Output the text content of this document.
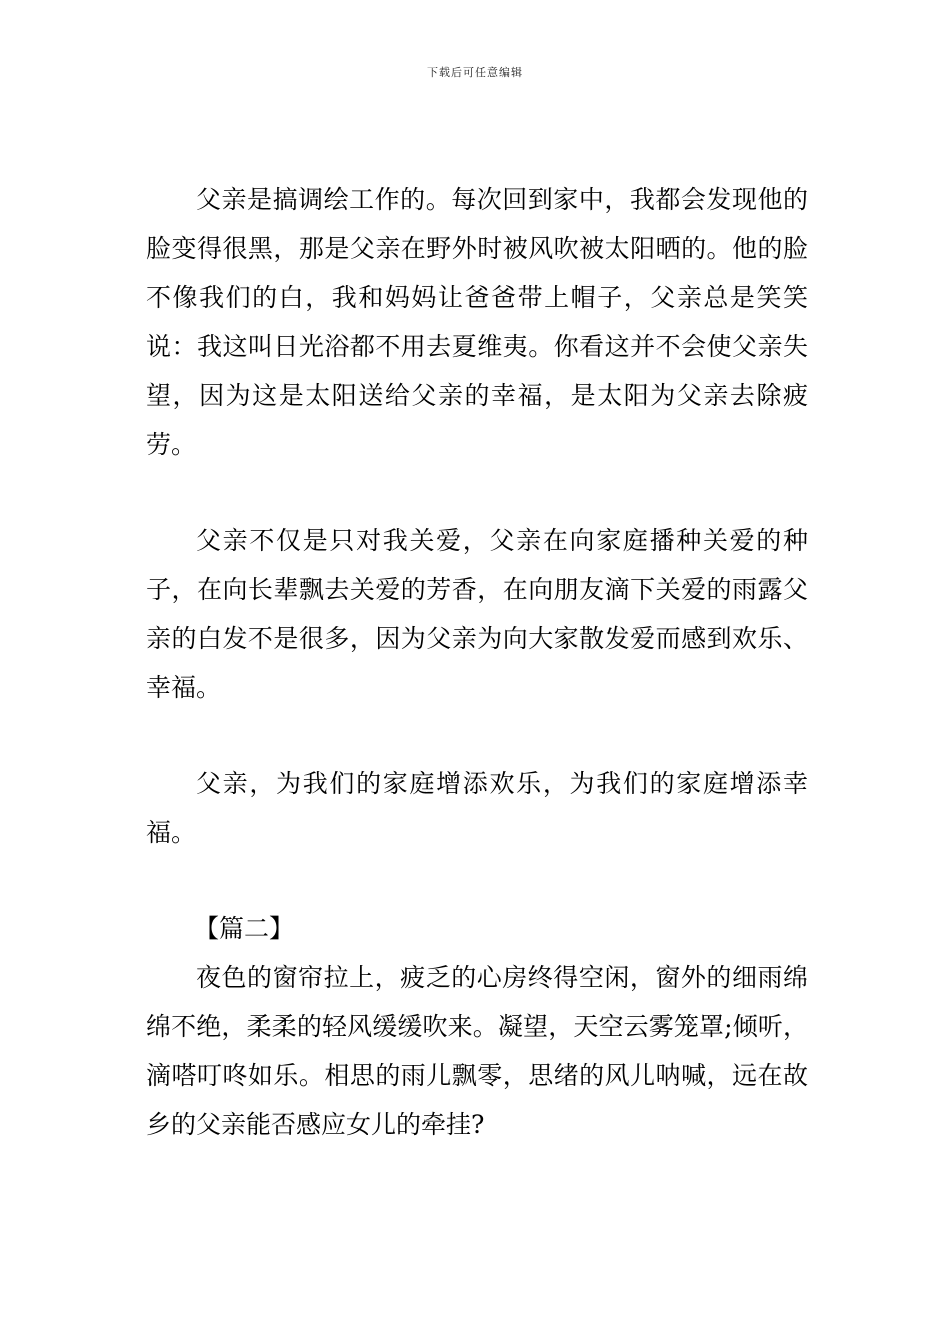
下载后可任意编辑

父亲是搞调绘工作的。每次回到家中，我都会发现他的脸变得很黑，那是父亲在野外时被风吹被太阳晒的。他的脸不像我们的白，我和妈妈让爸爸带上帽子，父亲总是笑笑说：我这叫日光浴都不用去夏维夷。你看这并不会使父亲失望，因为这是太阳送给父亲的幸福，是太阳为父亲去除疲劳。

父亲不仅是只对我关爱，父亲在向家庭播种关爱的种子，在向长辈飘去关爱的芳香，在向朋友滴下关爱的雨露父亲的白发不是很多，因为父亲为向大家散发爱而感到欢乐、幸福。

父亲，为我们的家庭增添欢乐，为我们的家庭增添幸福。

【篇二】

夜色的窗帘拉上，疲乏的心房终得空闲，窗外的细雨绵绵不绝，柔柔的轻风缓缓吹来。凝望，天空云雾笼罩;倾听，滴嗒叮咚如乐。相思的雨儿飘零，思绪的风儿呐喊，远在故乡的父亲能否感应女儿的牵挂?
